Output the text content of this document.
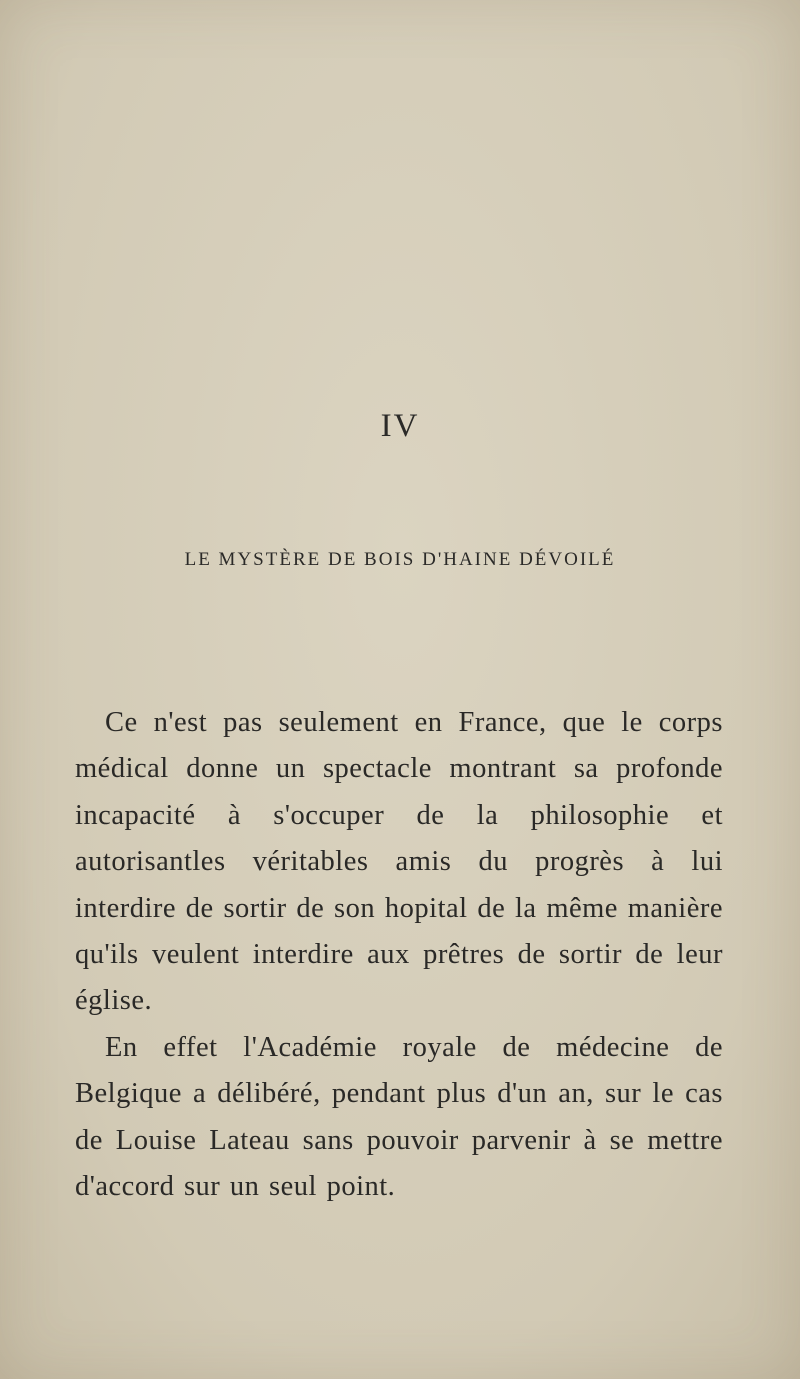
IV
LE MYSTÈRE DE BOIS D'HAINE DÉVOILÉ

Ce n'est pas seulement en France, que le corps médical donne un spectacle montrant sa profonde incapacité à s'occuper de la philosophie et autorisantles véritables amis du progrès à lui interdire de sortir de son hopital de la même manière qu'ils veulent interdire aux prêtres de sortir de leur église.

En effet l'Académie royale de médecine de Belgique a délibéré, pendant plus d'un an, sur le cas de Louise Lateau sans pouvoir parvenir à se mettre d'accord sur un seul point.
